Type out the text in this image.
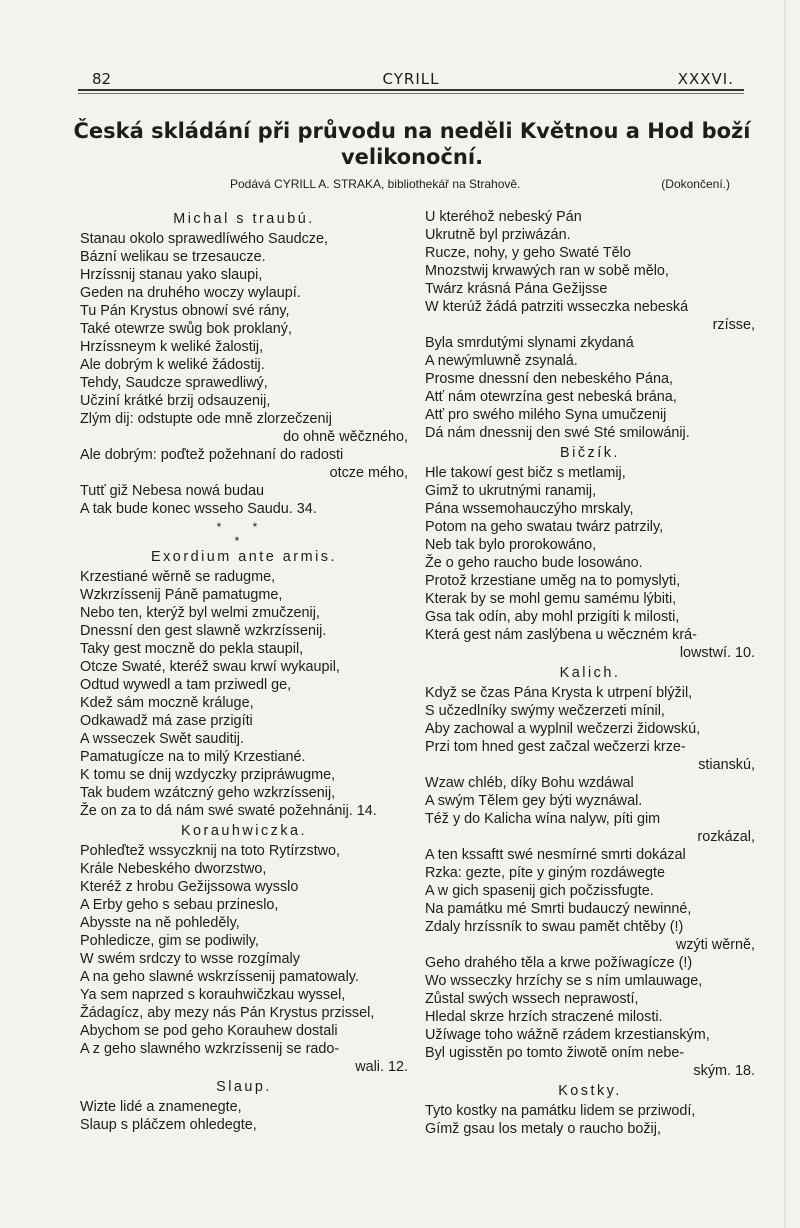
82	CYRILL	XXXVI.
Česká skládání při průvodu na neděli Květnou a Hod boží
velikonoční.
Podává CYRILL A. STRAKA, bibliothekář na Strahově.	(Dokončení.)
Michal s traubú.
Stanau okolo sprawedlíwého Saudcze,
Bázní welikau se trzesaucze.
Hrzíssnij stanau yako slaupi,
Geden na druhého woczy wylaupí.
Tu Pán Krystus obnowí své rány,
Také otewrze swůg bok proklaný,
Hrzíssneym k weliké žalostij,
Ale dobrým k weliké žádostij.
Tehdy, Saudcze sprawedliwý,
Učziní krátké brzij odsauzenij,
Zlým dij: odstupte ode mně zlorzečzenij
do ohně wěčzného,
Ale dobrým: poďtež požehnaní do radosti
otcze mého,
Tutť giž Nebesa nowá budau
A tak bude konec wsseho Saudu. 34.
* *
*
Exordium ante armis.
Krzestiané wěrně se radugme,
Wzkrzíssenij Páně pamatugme,
Nebo ten, kterýž byl welmi zmučzenij,
Dnessní den gest slawně wzkrzíssenij.
Taky gest moczně do pekla staupil,
Otcze Swaté, kteréž swau krwí wykaupil,
Odtud wywedl a tam prziwedl ge,
Kdež sám moczně králuge,
Odkawadž má zase przigíti
A wsseczek Swět sauditij.
Pamatugícze na to milý Krzestiané.
K tomu se dnij wzdyczky przipráwugme,
Tak budem wzátczný geho wzkrzíssenij,
Že on za to dá nám swé swaté požehnánij. 14.
Korauhwiczka.
Pohleďtež wssyczknij na toto Rytírzstwo,
Krále Nebeského dworzstwo,
Kteréž z hrobu Gežijssowa wysslo
A Erby geho s sebau przineslo,
Abysste na ně pohleděly,
Pohledicze, gim se podiwily,
W swém srdczy to wsse rozgímaly
A na geho slawné wskrzíssenij pamatowaly.
Ya sem naprzed s korauhwičzkau wyssel,
Žádagícz, aby mezy nás Pán Krystus przissel,
Abychom se pod geho Korauhew dostali
A z geho slawného wzkrzíssenij se rado-
wali. 12.
Slaup.
Wizte lidé a znamenegte,
Slaup s pláčzem ohledegte,
U kteréhož nebeský Pán
Ukrutně byl prziwázán.
Rucze, nohy, y geho Swaté Tělo
Mnozstwij krwawých ran w sobě mělo,
Twárz krásná Pána Gežijsse
W kterúž žádá patrziti wsseczka nebeská
rzísse,
Byla smrdutými slynami zkydaná
A newýmluwně zsynalá.
Prosme dnessní den nebeského Pána,
Atť nám otewrzína gest nebeská brána,
Atť pro swého milého Syna umučzenij
Dá nám dnessnij den swé Sté smilowánij.
Bičzík.
Hle takowí gest bičz s metlamij,
Gimž to ukrutnými ranamij,
Pána wssemohauczýho mrskaly,
Potom na geho swatau twárz patrzily,
Neb tak bylo prorokowáno,
Že o geho raucho bude losowáno.
Protož krzestiane uměg na to pomyslyti,
Kterak by se mohl gemu samému lýbiti,
Gsa tak odín, aby mohl przigíti k milosti,
Která gest nám zaslýbena u wěczném krá-
lowstwí. 10.
Kalich.
Když se čzas Pána Krysta k utrpení blýžil,
S učzedlníky swýmy wečzerzeti mínil,
Aby zachowal a wyplnil wečzerzi židowskú,
Przi tom hned gest začzal wečzerzi krze-
stianskú,
Wzaw chléb, díky Bohu wzdáwal
A swým Tělem gey býti wyznáwal.
Též y do Kalicha wína nalyw, píti gim
rozkázal,
A ten kssaftt swé nesmírné smrti dokázal
Rzka: gezte, píte y giným rozdáwegte
A w gich spasenij gich počzissfugte.
Na památku mé Smrti budauczý newinné,
Zdaly hrzíssník to swau pamět chtěby (!)
wzýti wěrně,
Geho drahého těla a krwe požíwagícze (!)
Wo wsseczky hrzíchy se s ním umlauwage,
Zůstal swých wssech neprawostí,
Hledal skrze hrzích straczené milosti.
Užíwage toho wážně rzádem krzestianským,
Byl ugisstěn po tomto žiwotě oním nebe-
ským. 18.
Kostky.
Tyto kostky na památku lidem se prziwodí,
Gímž gsau los metaly o raucho božij,
